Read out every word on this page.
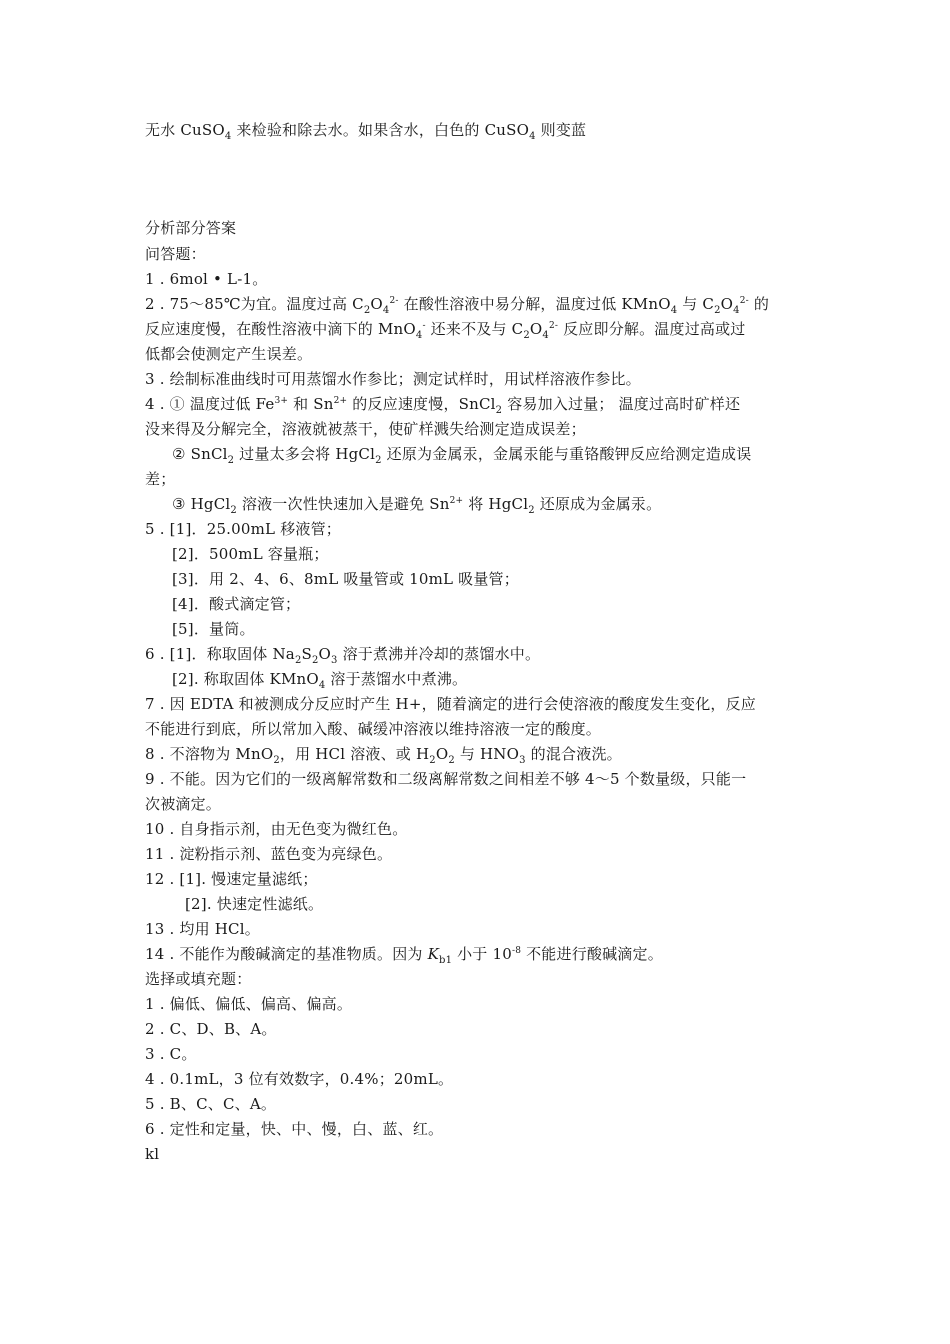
无水 CuSO$_4$ 来检验和除去水。如果含水，白色的 CuSO$_4$ 则变蓝
分析部分答案
问答题：
1 . 6mol • L-1。
2 . 75～85℃为宜。温度过高 $C_2O_4^{2-}$ 在酸性溶液中易分解，温度过低 KMnO$_4$ 与 $C_2O_4^{2-}$ 的
反应速度慢，在酸性溶液中滴下的 MnO$_4$- 还来不及与 $C_2O_4^{2-}$ 反应即分解。温度过高或过
低都会使测定产生误差。
3 . 绘制标准曲线时可用蒸馏水作参比；测定试样时，用试样溶液作参比。
4 . ① 温度过低 $Fe^{3+}$ 和 $Sn^{2+}$ 的反应速度慢，SnCl$_2$ 容易加入过量； 温度过高时矿样还
没来得及分解完全，溶液就被蒸干，使矿样溅失给测定造成误差；
② SnCl$_2$ 过量太多会将 HgCl$_2$ 还原为金属汞，金属汞能与重铬酸钾反应给测定造成误
差；
③ HgCl$_2$ 溶液一次性快速加入是避免 $Sn^{2+}$ 将 HgCl$_2$ 还原成为金属汞。
5 . [1]．25.00mL 移液管；
[2]．500mL 容量瓶；
[3]．用 2、4、6、8mL 吸量管或 10mL 吸量管；
[4]．酸式滴定管；
[5]．量筒。
6 . [1]．称取固体 $Na_2S_2O_3$ 溶于煮沸并冷却的蒸馏水中。
[2]. 称取固体 KMnO$_4$ 溶于蒸馏水中煮沸。
7 . 因 EDTA 和被测成分反应时产生 H+，随着滴定的进行会使溶液的酸度发生变化，反应
不能进行到底，所以常加入酸、碱缓冲溶液以维持溶液一定的酸度。
8 . 不溶物为 MnO$_2$，用 HCl 溶液、或 $H_2O_2$ 与 $HNO_3$ 的混合液洗。
9 . 不能。因为它们的一级离解常数和二级离解常数之间相差不够 4～5 个数量级，只能一
次被滴定。
10 . 自身指示剂，由无色变为微红色。
11 . 淀粉指示剂、蓝色变为亮绿色。
12 . [1]. 慢速定量滤纸；
[2]. 快速定性滤纸。
13 . 均用 HCl。
14 . 不能作为酸碱滴定的基准物质。因为 $K_{b1}$ 小于 $10^{-8}$ 不能进行酸碱滴定。
选择或填充题：
1 . 偏低、偏低、偏高、偏高。
2 . C、D、B、A。
3 . C。
4 . 0.1mL，3 位有效数字，0.4%；20mL。
5 . B、C、C、A。
6 . 定性和定量，快、中、慢，白、蓝、红。
kl
